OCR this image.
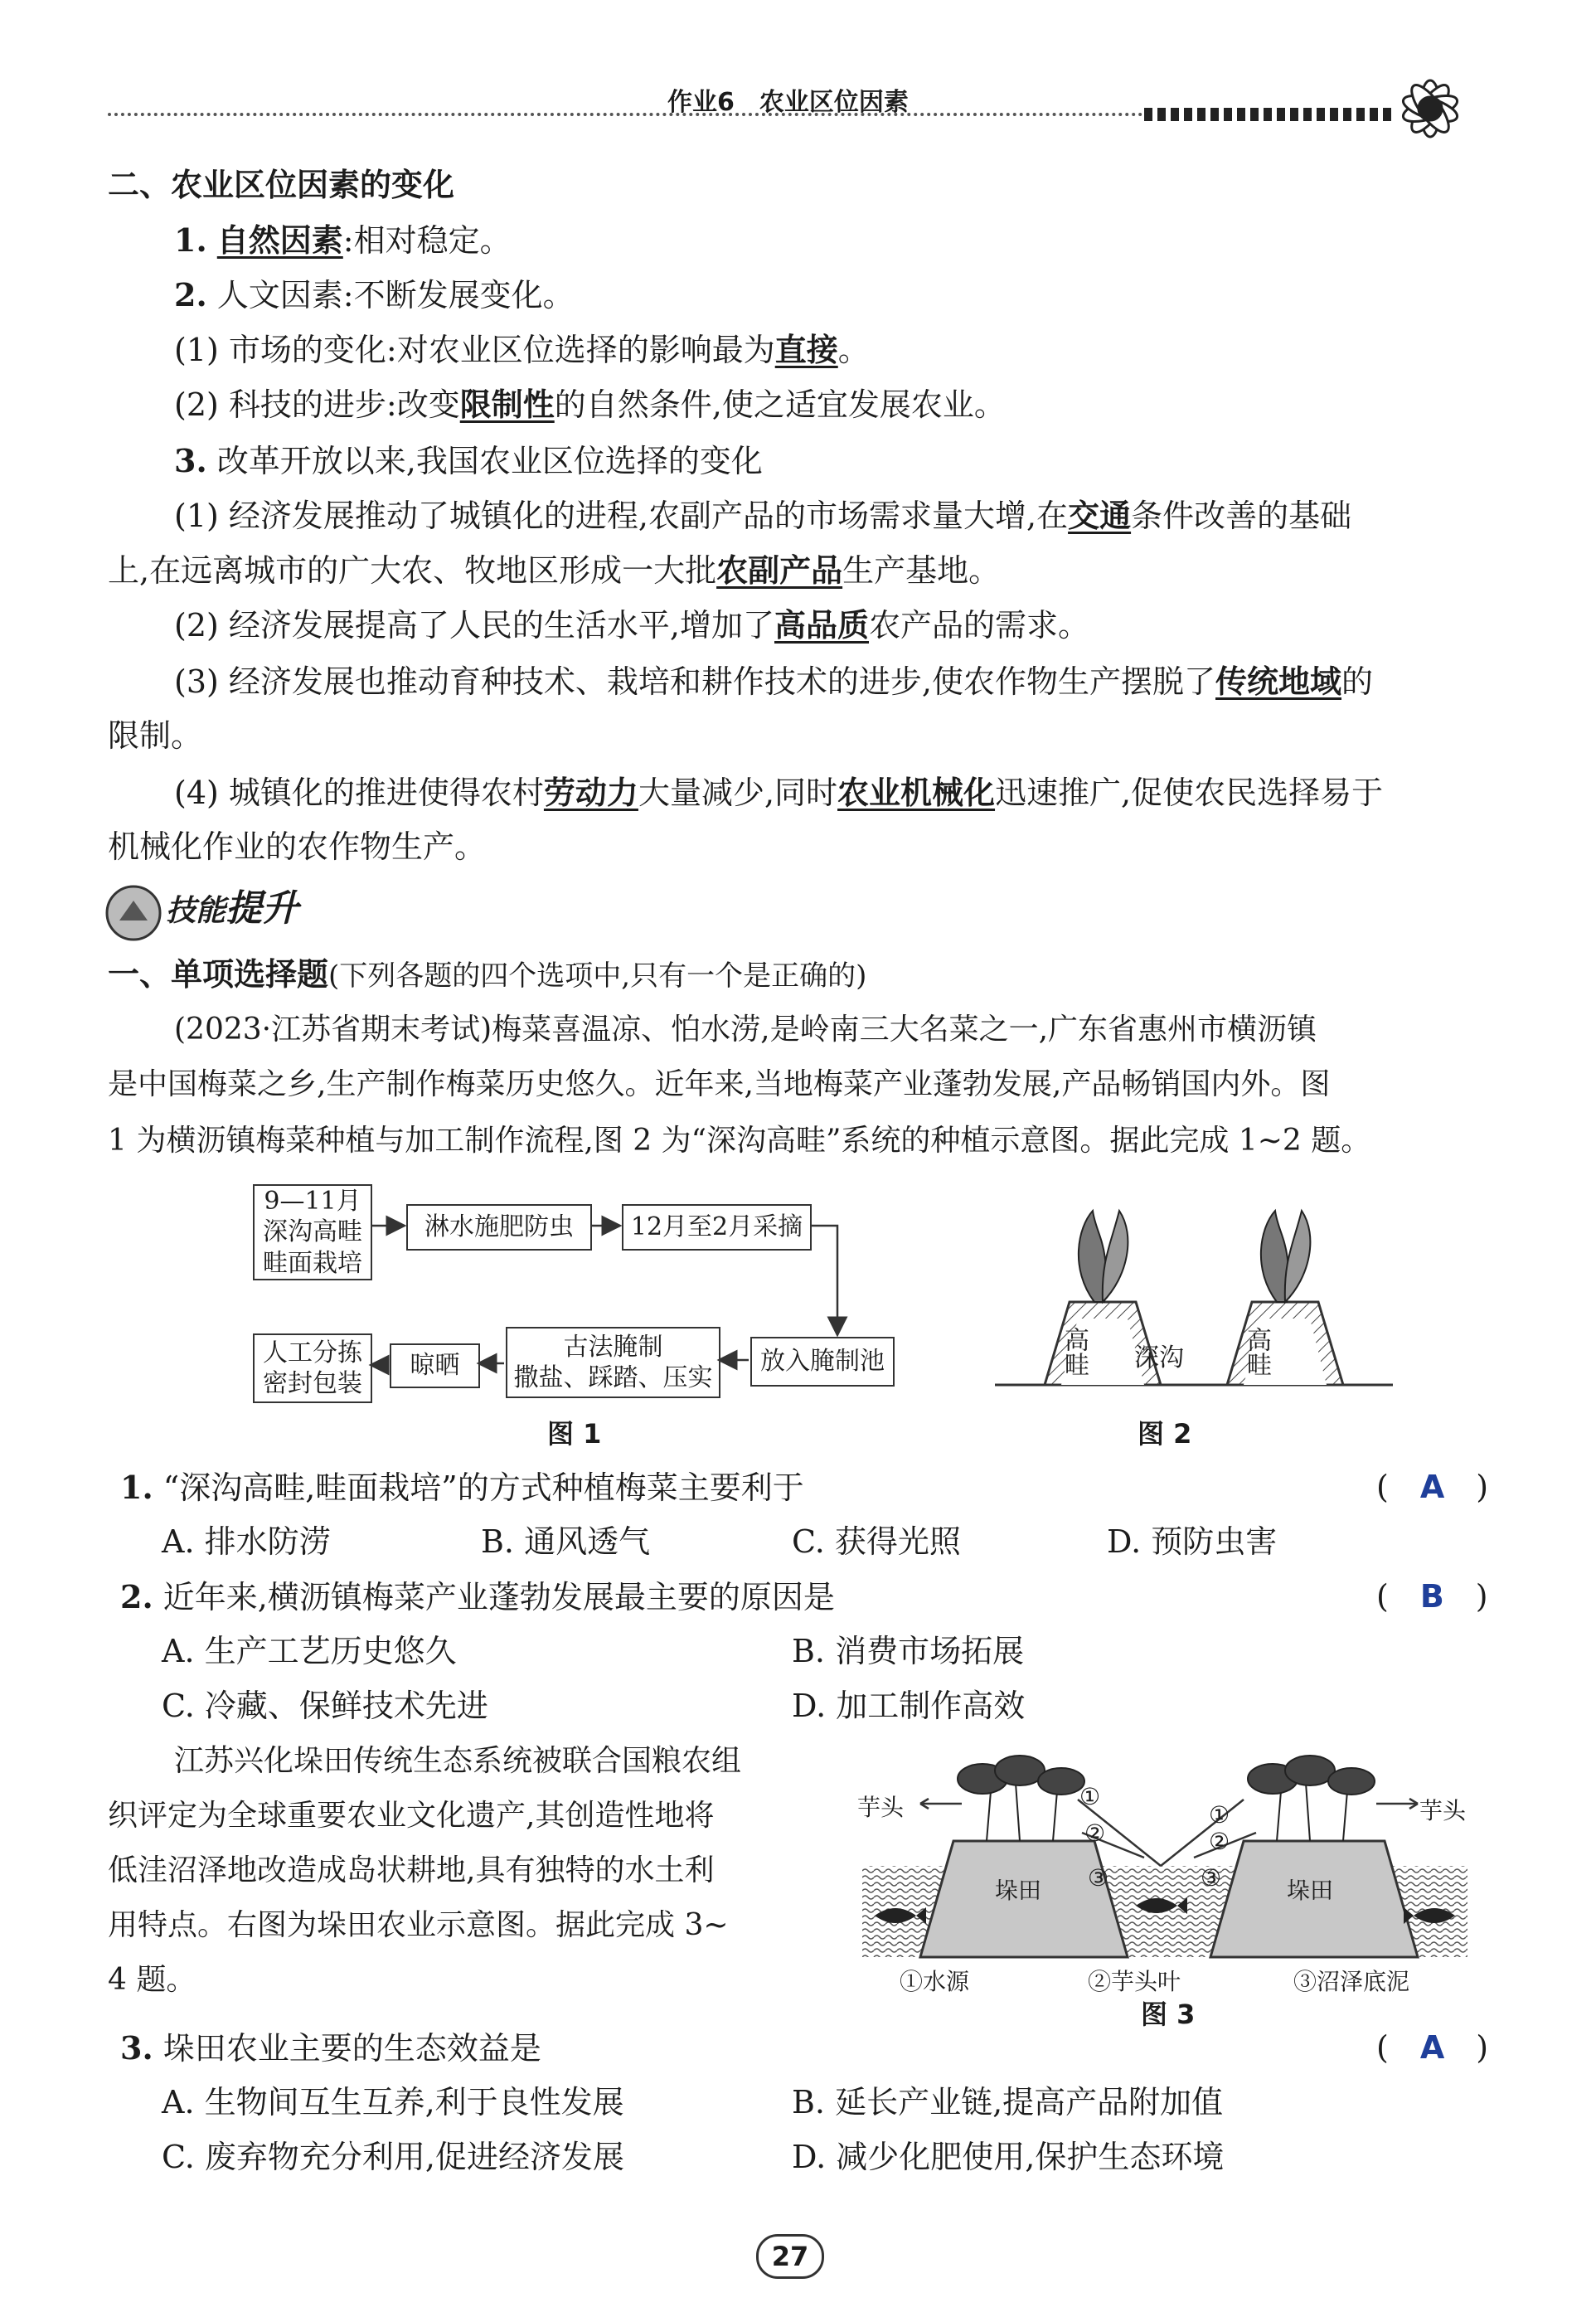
作业6　农业区位因素
二、农业区位因素的变化
1. 自然因素:相对稳定。
2. 人文因素:不断发展变化。
(1) 市场的变化:对农业区位选择的影响最为直接。
(2) 科技的进步:改变限制性的自然条件,使之适宜发展农业。
3. 改革开放以来,我国农业区位选择的变化
(1) 经济发展推动了城镇化的进程,农副产品的市场需求量大增,在交通条件改善的基础
上,在远离城市的广大农、牧地区形成一大批农副产品生产基地。
(2) 经济发展提高了人民的生活水平,增加了高品质农产品的需求。
(3) 经济发展也推动育种技术、栽培和耕作技术的进步,使农作物生产摆脱了传统地域的
限制。
(4) 城镇化的推进使得农村劳动力大量减少,同时农业机械化迅速推广,促使农民选择易于
机械化作业的农作物生产。
技能提升
一、单项选择题(下列各题的四个选项中,只有一个是正确的)
(2023·江苏省期末考试)梅菜喜温凉、怕水涝,是岭南三大名菜之一,广东省惠州市横沥镇
是中国梅菜之乡,生产制作梅菜历史悠久。近年来,当地梅菜产业蓬勃发展,产品畅销国内外。图
1 为横沥镇梅菜种植与加工制作流程,图 2 为“深沟高畦”系统的种植示意图。据此完成 1~2 题。
9—11月
深沟高畦
畦面栽培
淋水施肥防虫	12月至2月采摘
放入腌制池
古法腌制
撒盐、踩踏、压实
晾晒
人工分拣
密封包装
图 1
高畦 深沟 高畦
图 2
1. “深沟高畦,畦面栽培”的方式种植梅菜主要利于	(　A　)
A. 排水防涝	B. 通风透气	C. 获得光照	D. 预防虫害
2. 近年来,横沥镇梅菜产业蓬勃发展最主要的原因是	(　B　)
A. 生产工艺历史悠久	B. 消费市场拓展
C. 冷藏、保鲜技术先进	D. 加工制作高效
江苏兴化垛田传统生态系统被联合国粮农组
织评定为全球重要农业文化遗产,其创造性地将
低洼沼泽地改造成岛状耕地,具有独特的水土利
用特点。右图为垛田农业示意图。据此完成 3~
4 题。
芋头	芋头
垛田	垛田
①
②
③
①
②
③
①水源	②芋头叶	③沼泽底泥
图 3
3. 垛田农业主要的生态效益是	(　A　)
A. 生物间互生互养,利于良性发展	B. 延长产业链,提高产品附加值
C. 废弃物充分利用,促进经济发展	D. 减少化肥使用,保护生态环境
27
